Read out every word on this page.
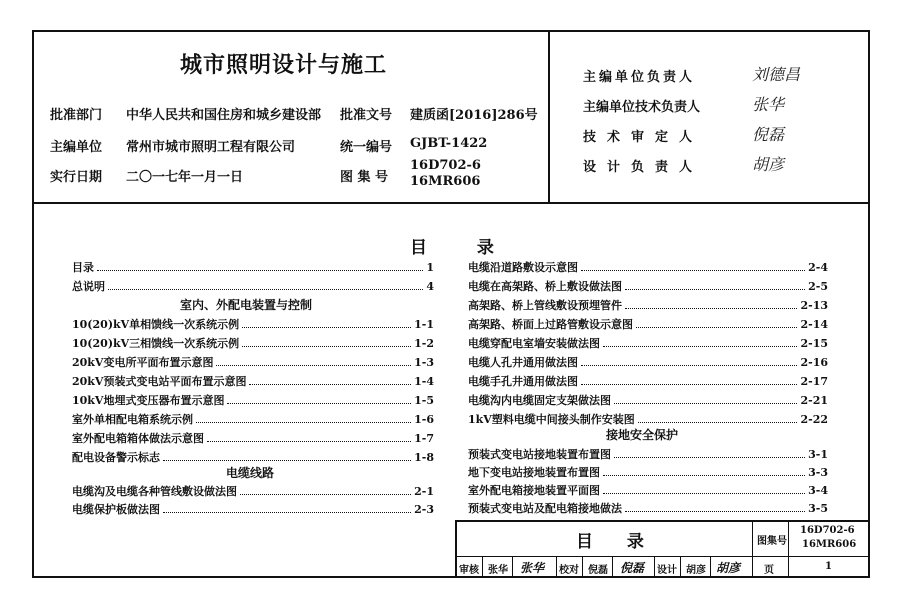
城市照明设计与施工
批准部门 中华人民共和国住房和城乡建设部 批准文号 建质函[2016]286号
主编单位 常州市城市照明工程有限公司	统一编号 GJBT-1422
实行日期 二〇一七年一月一日	图 集 号
16D702-6
16MR606
主编单位负责人	刘德昌
主编单位技术负责人	张华
技术审定人	倪磊
设计负责人	胡彦
目 录
目录	1
总说明	4
室内、外配电装置与控制
10(20)kV单相馈线一次系统示例	1-1
10(20)kV三相馈线一次系统示例	1-2
20kV变电所平面布置示意图	1-3
20kV预装式变电站平面布置示意图	1-4
10kV地埋式变压器布置示意图	1-5
室外单相配电箱系统示例	1-6
室外配电箱箱体做法示意图	1-7
配电设备警示标志	1-8
电缆线路
电缆沟及电缆各种管线敷设做法图	2-1
电缆保护板做法图	2-3
电缆沿道路敷设示意图	2-4
电缆在高架路、桥上敷设做法图	2-5
高架路、桥上管线敷设预埋管件	2-13
高架路、桥面上过路管敷设示意图	2-14
电缆穿配电室墙安装做法图	2-15
电缆人孔井通用做法图	2-16
电缆手孔井通用做法图	2-17
电缆沟内电缆固定支架做法图	2-21
1kV塑料电缆中间接头制作安装图	2-22
接地安全保护
预装式变电站接地装置布置图	3-1
地下变电站接地装置布置图	3-3
室外配电箱接地装置平面图	3-4
预装式变电站及配电箱接地做法	3-5
目 录	图集号
16D702-6
16MR606
审核 张华 张华 校对 倪磊 倪磊 设计 胡彦 胡彦 页	1
